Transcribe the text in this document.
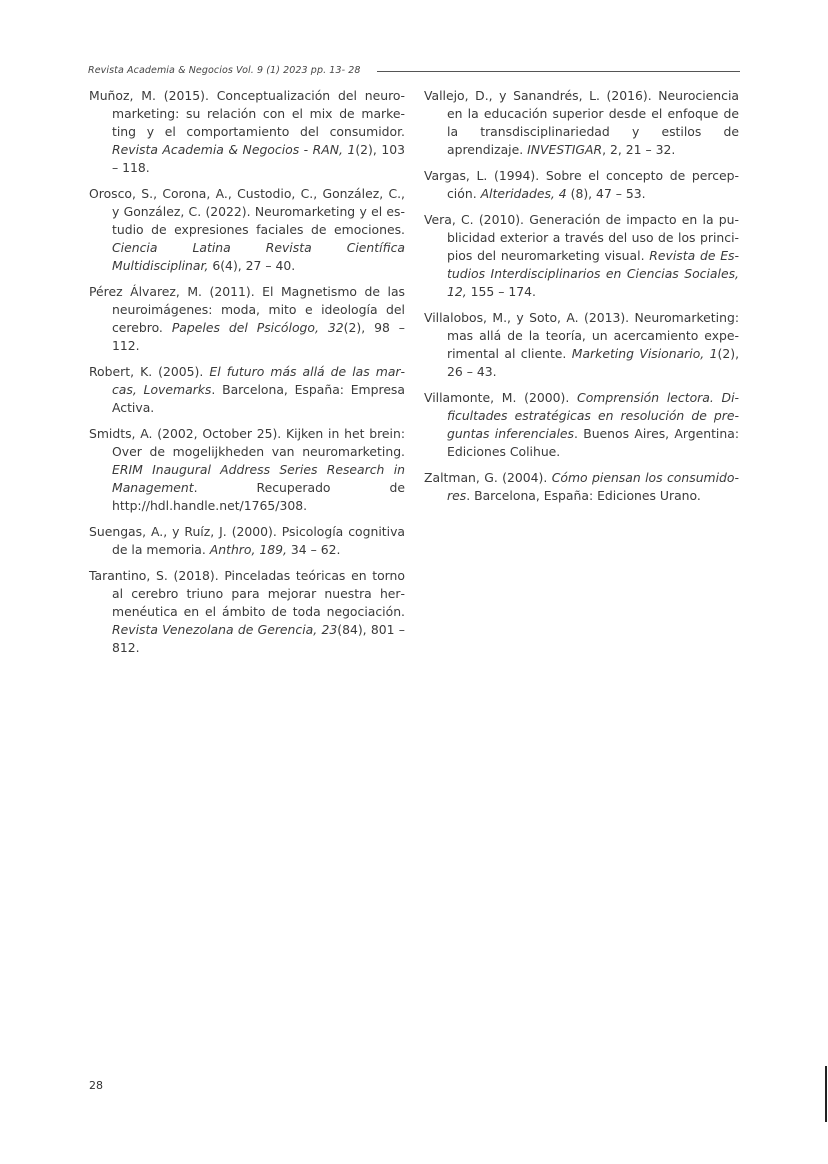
Revista Academia & Negocios Vol. 9 (1) 2023 pp. 13- 28

Muñoz, M. (2015). Conceptualización del neuromarketing: su relación con el mix de marketing y el comportamiento del consumidor. Revista Academia & Negocios - RAN, 1(2), 103 – 118.

Orosco, S., Corona, A., Custodio, C., González, C., y González, C. (2022). Neuromarketing y el estudio de expresiones faciales de emociones. Ciencia Latina Revista Científica Multidisciplinar, 6(4), 27 – 40.

Pérez Álvarez, M. (2011). El Magnetismo de las neuroimágenes: moda, mito e ideología del cerebro. Papeles del Psicólogo, 32(2), 98 – 112.

Robert, K. (2005). El futuro más allá de las marcas, Lovemarks. Barcelona, España: Empresa Activa.

Smidts, A. (2002, October 25). Kijken in het brein: Over de mogelijkheden van neuromarketing. ERIM Inaugural Address Series Research in Management. Recuperado de http://hdl.handle.net/1765/308.

Suengas, A., y Ruíz, J. (2000). Psicología cognitiva de la memoria. Anthro, 189, 34 – 62.

Tarantino, S. (2018). Pinceladas teóricas en torno al cerebro triuno para mejorar nuestra hermenéutica en el ámbito de toda negociación. Revista Venezolana de Gerencia, 23(84), 801 – 812.

Vallejo, D., y Sanandrés, L. (2016). Neurociencia en la educación superior desde el enfoque de la transdisciplinariedad y estilos de aprendizaje. INVESTIGAR, 2, 21 – 32.

Vargas, L. (1994). Sobre el concepto de percepción. Alteridades, 4 (8), 47 – 53.

Vera, C. (2010). Generación de impacto en la publicidad exterior a través del uso de los principios del neuromarketing visual. Revista de Estudios Interdisciplinarios en Ciencias Sociales, 12, 155 – 174.

Villalobos, M., y Soto, A. (2013). Neuromarketing: mas allá de la teoría, un acercamiento experimental al cliente. Marketing Visionario, 1(2), 26 – 43.

Villamonte, M. (2000). Comprensión lectora. Dificultades estratégicas en resolución de preguntas inferenciales. Buenos Aires, Argentina: Ediciones Colihue.

Zaltman, G. (2004). Cómo piensan los consumidores. Barcelona, España: Ediciones Urano.

28
